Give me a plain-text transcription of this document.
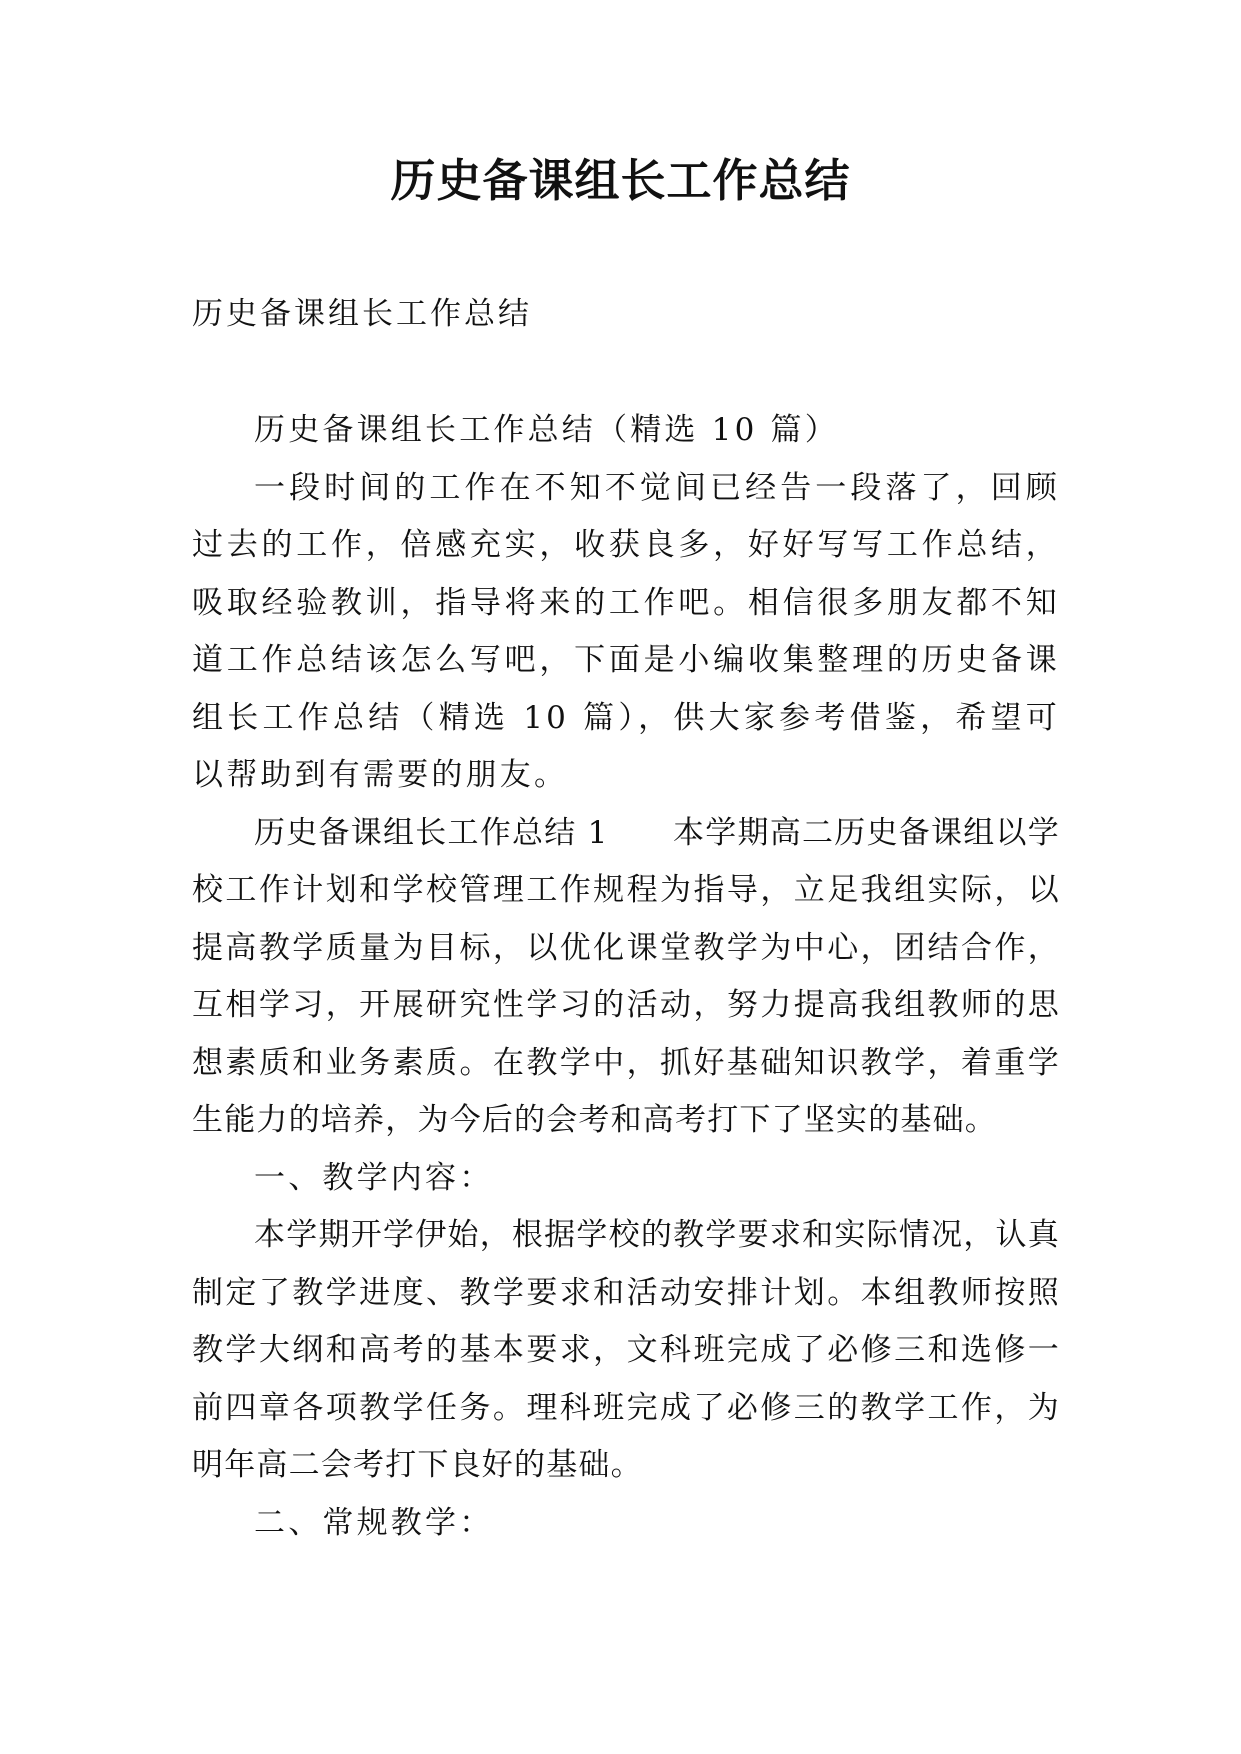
历史备课组长工作总结
历史备课组长工作总结

历史备课组长工作总结（精选 10 篇）

一段时间的工作在不知不觉间已经告一段落了，回顾过去的工作，倍感充实，收获良多，好好写写工作总结，吸取经验教训，指导将来的工作吧。相信很多朋友都不知道工作总结该怎么写吧，下面是小编收集整理的历史备课组长工作总结（精选 10 篇），供大家参考借鉴，希望可以帮助到有需要的朋友。

历史备课组长工作总结 1　　本学期高二历史备课组以学校工作计划和学校管理工作规程为指导，立足我组实际，以提高教学质量为目标，以优化课堂教学为中心，团结合作，互相学习，开展研究性学习的活动，努力提高我组教师的思想素质和业务素质。在教学中，抓好基础知识教学，着重学生能力的培养，为今后的会考和高考打下了坚实的基础。

一、教学内容：

本学期开学伊始，根据学校的教学要求和实际情况，认真制定了教学进度、教学要求和活动安排计划。本组教师按照教学大纲和高考的基本要求，文科班完成了必修三和选修一前四章各项教学任务。理科班完成了必修三的教学工作，为明年高二会考打下良好的基础。

二、常规教学：
